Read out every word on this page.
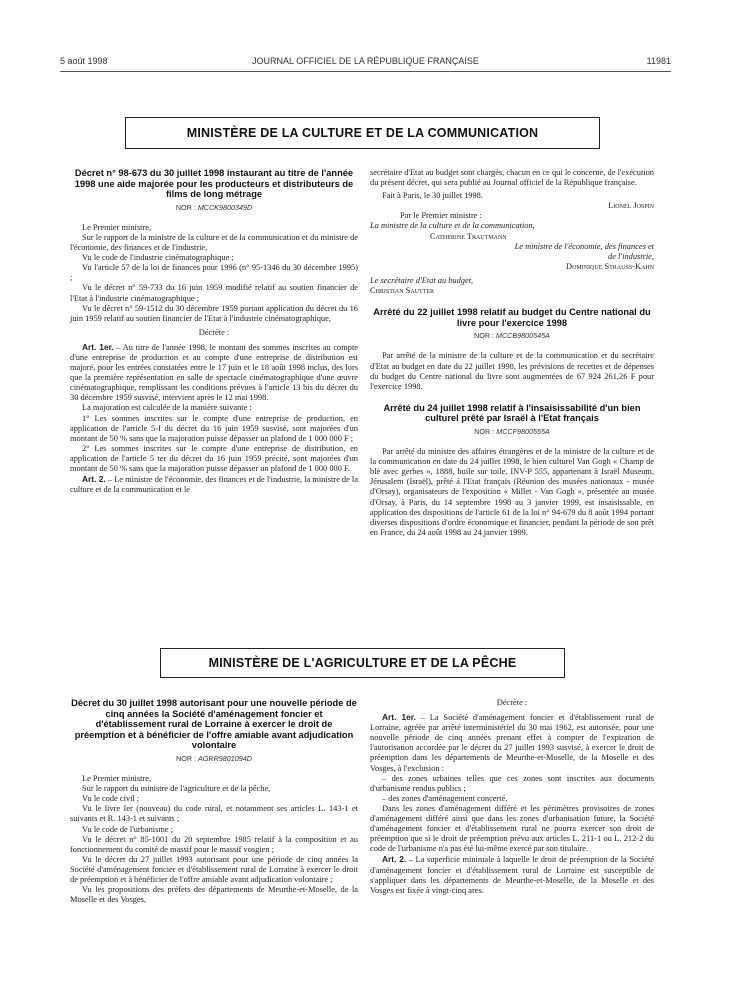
5 août 1998	JOURNAL OFFICIEL DE LA RÉPUBLIQUE FRANÇAISE	11981
MINISTÈRE DE LA CULTURE ET DE LA COMMUNICATION

Décret n° 98-673 du 30 juillet 1998 instaurant au titre de l'année 1998 une aide majorée pour les producteurs et distributeurs de films de long métrage

NOR : MCCK9800349D

Le Premier ministre,

Sur le rapport de la ministre de la culture et de la communication et du ministre de l'économie, des finances et de l'industrie,

Vu le code de l'industrie cinématographique ;

Vu l'article 57 de la loi de finances pour 1996 (n° 95-1346 du 30 décembre 1995) ;

Vu le décret n° 59-733 du 16 juin 1959 modifié relatif au soutien financier de l'Etat à l'industrie cinématographique ;

Vu le décret n° 59-1512 du 30 décembre 1959 portant application du décret du 16 juin 1959 relatif au soutien financier de l'Etat à l'industrie cinématographique,

Décrète :

Art. 1er. – Au titre de l'année 1998, le montant des sommes inscrites au compte d'une entreprise de production et au compte d'une entreprise de distribution est majoré, pour les entrées constatées entre le 17 juin et le 18 août 1998 inclus, des lors que la première représentation en salle de spectacle cinématographique d'une œuvre cinématographique, remplissant les conditions prévues à l'article 13 bis du décret du 30 décembre 1959 susvisé, intervient après le 12 mai 1998.

La majoration est calculée de la manière suivante :

1° Les sommes inscrites sur le compte d'une entreprise de production, en application de l'article 5-I du décret du 16 juin 1959 susvisé, sont majorées d'un montant de 50 % sans que la majoration puisse dépasser un plafond de 1 000 000 F ;

2° Les sommes inscrites sur le compte d'une entreprise de distribution, en application de l'article 5 ter du décret du 16 juin 1959 précité, sont majorées d'un montant de 50 % sans que la majoration puisse dépasser un plafond de 1 000 000 F.

Art. 2. – Le ministre de l'économie, des finances et de l'industrie, la ministre de la culture et de la communication et le

secrétaire d'Etat au budget sont chargés, chacun en ce qui le concerne, de l'exécution du présent décret, qui sera publié au Journal officiel de la République française.

Fait à Paris, le 30 juillet 1998.

Lionel Jospin

Par le Premier ministre :

La ministre de la culture et de la communication,

Catherine Trautmann

Le ministre de l'économie, des finances et de l'industrie,

Dominique Strauss-Kahn

Le secrétaire d'Etat au budget,

Christian Sautter

Arrêté du 22 juillet 1998 relatif au budget du Centre national du livre pour l'exercice 1998

NOR : MCCB9800545A

Par arrêté de la ministre de la culture et de la communication et du secrétaire d'Etat au budget en date du 22 juillet 1998, les prévisions de recettes et de dépenses du budget du Centre national du livre sont augmentées de 67 924 261,26 F pour l'exercice 1998.

Arrêté du 24 juillet 1998 relatif à l'insaisissabilité d'un bien culturel prêté par Israël à l'Etat français

NOR : MCCF9800555A

Par arrêté du ministre des affaires étrangères et de la ministre de la culture et de la communication en date du 24 juillet 1998, le bien culturel Van Gogh « Champ de blé avec gerbes », 1888, huile sur toile, INV-P 555, appartenant à Israël Museum, Jérusalem (Israël), prêté à l'Etat français (Réunion des musées nationaux - musée d'Orsay), organisateurs de l'exposition « Millet - Van Gogh », présentée au musée d'Orsay, à Paris, du 14 septembre 1998 au 3 janvier 1999, est insaisissable, en application des dispositions de l'article 61 de la loi n° 94-679 du 8 août 1994 portant diverses dispositions d'ordre économique et financier, pendant la période de son prêt en France, du 24 août 1998 au 24 janvier 1999.

MINISTÈRE DE L'AGRICULTURE ET DE LA PÊCHE

Décret du 30 juillet 1998 autorisant pour une nouvelle période de cinq années la Société d'aménagement foncier et d'établissement rural de Lorraine à exercer le droit de préemption et à bénéficier de l'offre amiable avant adjudication volontaire

NOR : AGRR9801094D

Le Premier ministre,

Sur le rapport du ministre de l'agriculture et de la pêche,

Vu le code civil ;

Vu le livre Ier (nouveau) du code rural, et notamment ses articles L. 143-1 et suivants et R. 143-1 et suivants ;

Vu le code de l'urbanisme ;

Vu le décret n° 85-1001 du 20 septembre 1985 relatif à la composition et au fonctionnement du comité de massif pour le massif vosgien ;

Vu le décret du 27 juillet 1993 autorisant pour une période de cinq années la Société d'aménagement foncier et d'établissement rural de Lorraine à exercer le droit de préemption et à bénéficier de l'offre amiable avant adjudication volontaire ;

Vu les propositions des préfets des départements de Meurthe-et-Moselle, de la Moselle et des Vosges,

Décrète :

Art. 1er. – La Société d'aménagement foncier et d'établissement rural de Lorraine, agréée par arrêté interministériel du 30 mai 1962, est autorisée, pour une nouvelle période de cinq années prenant effet à compter de l'expiration de l'autorisation accordée par le décret du 27 juillet 1993 susvisé, à exercer le droit de préemption dans les départements de Meurthe-et-Moselle, de la Moselle et des Vosges, à l'exclusion :

– des zones urbaines telles que ces zones sont inscrites aux documents d'urbanisme rendus publics ;

– des zones d'aménagement concerté.

Dans les zones d'aménagement différé et les périmètres provisoires de zones d'aménagement différé ainsi que dans les zones d'urbanisation future, la Société d'aménagement foncier et d'établissement rural ne pourra exercer son droit de préemption que si le droit de préemption prévu aux articles L. 211-1 ou L. 212-2 du code de l'urbanisme n'a pas été lui-même exercé par son titulaire.

Art. 2. – La superficie minimale à laquelle le droit de préemption de la Société d'aménagement foncier et d'établissement rural de Lorraine est susceptible de s'appliquer dans les départements de Meurthe-et-Moselle, de la Moselle et des Vosges est fixée à vingt-cinq ares.
